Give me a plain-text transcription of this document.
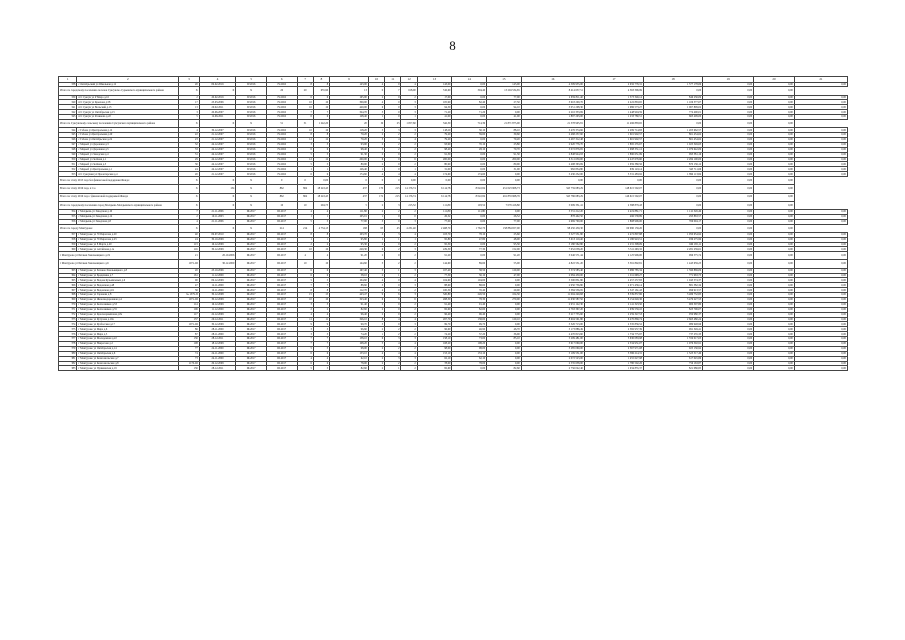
8
1	2	3	4	5	6	7	8	9	10	11	12	13	14	15	16	17	18	19	20	21
338	с Октябрьский ул Школьная д.12	20	09.02.2016	IV.2016	IV.2016	8	8	143,00	4	0	4	143,00	0,00	143,00	4 509 955,00	2 932 776,31	1 577 178,69	0,00	0,00	0,00
Итого по городскому поселению поселок Суксунско-Сурьинского муниципального района		X	X	X	20	20	655,90	13	0	7	618,00	316,60	304,40	13 204 534,65	8 414 657,51	4 363 396,99	0,00	0,00	0,00	
339	пгт Суксун ул Р Мира д.16	2	20.02.2016	IV.2016	IV.2016	6	6	165,90	2	0	2	17,00	0,00	77,00	2 659 811,40	1 573 346,14	846 236,09	0,00	0,00	0,00
340	пгт Суксун ул Крылова д.58	17	23.03.2006	IV.2016	IV.2016	10	10	309,90	4	0	3	105,90	82,40	27,50	3 618 209,76	2 222 863,65	1 106 377,67	0,00	0,00	0,00
341	пгт Суксун ул Вольский д.13	13	20.02.2011	IV.2016	IV.2016	10	10	420,00	6	0	3	94,50	0,00	94,10	3 051 208,30	1 986 573,27	1 067 809,02	0,00	0,00	0,00
342	пгт Суксун ул Октябрьская д.15	3	20.06.2007	IV.2016	IV.2016	7	7	324,70	3	0	3	71,20	71,20	0,00	2 216 333,69	1 448 904,59	774 400,01	0,00	0,00	0,00
343	пгт Суксун ул Розинова д.22	5	12.06.2011	IV.2016	IV.2016	6	6	128,40	1	0	1	41,00	0,00	41,00	1 897 203,00	1 233 780,51	663 409,00	0,00	0,00	0,00
Итого по Суксунскому сельскому поселению Суксунского муниципального района		X	X	X	51	51	1 242,20	20	19	25	1 057,60	342,30	714,39	21 871 875,00	21 378 905,81	11 496 838,65	0,00	0,00	0,00	
344	с Габово ул Центральная д.12	4	30.12.2007	IV.2016	IV.2016	10	10	118,20	3	3	3	118,20	30,10	88,10	3 476 374,66	2 299 714,83	1 203 662,57	0,00	0,00	0,00
345	с Габово ул Центральная д.20	22	21.12.2007	IV.2016	IV.2016	8	8	79,20	2	2	2	79,20	39,60	39,60	2 468 237,60	1 601 902,57	861 454,62	0,00	0,00	0,00
346	с Габово ул Октябрьская д.24	23	21.12.2007	IV.2016	IV.2016	12	12	79,20	3	4	4	79,20	0,00	79,20	2 467 312,48	1 601 902,57	861 454,62	0,00	0,00	0,00
347	с Марьиб ул Дорожная д.3	32	24.12.2007	IV.2016	IV.2016	3	3	93,90	2	2	2	93,90	70,10	23,80	2 920 776,70	1 895 235,67	1 025 349,63	0,00	0,00	0,00
348	с Марьиб ул Дорожная д.5	33	24.12.2007	IV.2016	IV.2016	6	6	98,40	5	2	2	98,40	28,10	70,70	3 072 876,65	1 998 331,12	1 079 642,09	0,00	0,00	0,00
349	с Марьиб ул Заводская д.4	31	24.12.2007	IV.2016	IV.2016	5	5	91,30	2	0	2	91,30	0,00	91,30	2 848 924,93	1 890 651,99	993 381,16	0,00	0,00	0,00
350	с Марьиб ул Зелёная д.1	29	24.12.2007	IV.2016	IV.2016	12	12	200,00	6	0	6	200,00	0,00	200,00	6 511 630,00	4 247 676,60	2 284 100,00	0,00	0,00	0,00
351	с Марьиб ул Зелёная д.3	30	24.12.2007	IV.2016	IV.2016	5	5	80,90	2	0	2	80,90	0,00	80,90	2 498 363,69	1 659 380,56	870 136,12	0,00	0,00	0,00
352	с Марьиб ул Центральная д.1	24	24.12.2007	IV.2016	IV.2016	1	1	126,40	1	0	1	31,00	0,00	31,00	982 834,80	639 143,14	343 711,66	0,00	0,00	0,00
353	пгт Суксунки ул Пролетарская д.4	20	21.12.2007	IV.2016	IV.2016	6	6	174,60	4	4	4	174,60	174,60	0,00	5 430 252,00	3 531 483,92	1 899 113,84	0,00	0,00	0,00
Всего по этапу 2015 года без финансовой поддержки Фонда:		X	X	X	0	0	0,00	0	0	0	0,00	0,00	0,00	0,00	0,00	0,00	0,00	0,00	0,00	
Всего по этапу 2016 года, в т.ч.:		X	134	X	862	862	18 243,45	437	170	215	14 176,74	6 114,78	8 022,84	451 023 908,73	345 759 683,29	148 615 592,07	0,00	0,00	0,00	
Всего по этапу 2016 года с финансовой поддержкой Фонда:		X	X	X	862	862	18 243,45	437	172	215	14 176,74	6 114,78	8 022,84	491 833 968,76	345 786 683,29	146 615 592,07	0,00	0,00	0,00	
Итого по городскому поселению город Малдышь Малдышского муниципального района		X	X	X	10	10	294,73	5	2	3	215,32	111,80	103,52	7 079 416,80	5 099 331,41	2 588 879,43	0,00	0,00	0,00	
354	г Малдышь ул Заводская д.10	7	21.11.2006	III.2017	III.2017	4	4	111,80	2	2	2	111,80	111,80	0,00	3 531 212,20	2 419 881,71	1 112 326,49	0,00	0,00	0,00
355	с Малдышь ул Заводская д.12	2	10.11.2003	III.2017	III.2017	1	1	105,91	1	0	0	26,52	0,00	26,52	878 402,50	496 538,89	293 863,57	0,00	0,00	0,00
356	с Малдышь ул Заводская д.8	4	21.11.2006	III.2017	III.2017	5	5	77,00	3	0	3	77,00	0,00	77,00	2 669 790,00	1 808 996,00	766 094,17	0,00	0,00	0,00
Итого по городу Мантурово:		X	X	X	214	214	4 734,13	168	63	45	4 231,40	2 468,70	1 762,70	158 884 657,00	98 450 459,30	60 990 159,20	0,00	0,00	0,00	
357	г Мантурово ул 70 Пирогова д.20	40	09.07.2010	III.2017	III.2017	8	8	103,70	4	3	4	103,70	78,10	25,60	3 527 551,80	2 472 897,88	1 050 654,92	0,00	0,00	0,00
358	г Мантурово ул 70 Пирогова д.23	24	30.10.2009	III.2017	III.2017	1	1	95,80	1	1	1	95,80	47,80	48,00	3 013 119,40	2 180 943,51	936 275,99	0,00	0,00	0,00
359	г Мантурово ул 8 Марта д.20	113	16.12.2009	III.2017	III.2017	2	2	95,30	2	0	2	95,30	0,00	95,30	3 180 562,80	2 231 398,09	949 165,11	0,00	0,00	0,00
360	г Мантурово ул Алтайская д.1а	116	30.12.2009	III.2017	III.2017	10	10	229,30	6	2	3	229,30	77,30	152,00	7 652 058,20	5 311 299,32	2 281 239,61	0,00	0,00	0,00
г Мантурово ул Батаков Хмельницкого д.19		21	20.10.2006	III.2017	III.2017	4	4	91,20	2	0	2	91,20	0,00	91,20	3 046 571,44	2 125 996,00	996 575,74	0,00	0,00	0,00
г Мантурово ул Батаков Хмельницкого д.6		1071-Ш	30.12.2009	III.2017	III.2017	10	10	144,60	3	2	2	144,60	89,60	55,00	4 822 551,20	3 391 892,81	1 443 659,25	0,00	0,00	0,00
363	г Мантурово ул Батаков Хмельницкого д.8	20	23.10.2006	III.2017	III.2017	6	6	167,40	5	1	3	167,40	38,50	129,00	5 574 585,40	3 986 785,34	1 590 869,09	0,00	0,00	0,00
364	г Мантурово ул Бредихина д.7	161	11.12.2009	III.2017	III.2017	6	6	58,10	2	1	2	77,50	30,10	47,00	2 084 430,00	1 911 698,27	771 963,75	0,00	0,00	0,00
365	г Мантурово ул Водова Кузьмичевых д.6	90	09.12.2009	III.2017	III.2017	5	5	104,60	4	0	4	104,60	104,60	0,00	3 500 831,80	2 457 257,83	1 043 574,37	0,00	0,00	0,00
366	г Мантурово ул Водовская д.48	47	12.11.2009	III.2017	III.2017	7	7	88,60	3	0	3	88,60	88,60	0,00	2 950 736,80	2 071 436,14	881 382,34	0,00	0,00	0,00
367	г Мантурово ул Водовская д.61	36	12.11.2009	III.2017	III.2017	8	8	112,70	4	0	2	100,30	70,40	29,90	3 384 556,95	2 347 161,43	996 913,57	0,00	0,00	0,00
368	г Мантурово ул Гаранова д.8	№ 1379-П	30.12.2008	III.2017	III.2017	15	15	443,47	9	6	3	320,80	226,50	104,30	11 094 249,68	8 339 857,86	3 486 732,85	0,00	0,00	0,00
369	г Мантурово ул Железнодорожная д.4	1071-Ш	30.12.2009	III.2017	III.2017	10	10	323,40	6	6	6	268,30	78,30	270,00	11 630 587,50	8 154 649,36	3 479 227,53	0,00	0,00	0,00
370	г Мантурово ул Колхозников д.53	114	16.12.2009	III.2017	III.2017	3	3	91,40	2	0	2	91,40	91,40	0,00	2 931 122,30	2 141 323,50	900 307,80	0,00	0,00	0,00
371	г Мантурово ул Колхозников д.55	106	11.12.2009	III.2017	III.2017	2	2	82,60	2	0	2	82,60	82,60	0,00	2 763 367,20	1 939 559,10	823 796,07	0,00	0,00	0,00
372	г Мантурово ул Красноармейская д.8а	117	22.12.2009	III.2017	III.2017	4	4	96,40	2	0	2	96,40	96,40	0,00	3 217 755,60	2 259 347,53	959 980,37	0,00	0,00	0,00
373	г Мантурово ул Кутузова д.19а	137	29.12.2011	III.2017	III.2017	11	11	326,10	8	4	4	267,70	138,60	129,10	8 604 591,80	6 270 869,74	2 663 480,24	0,00	0,00	0,00
374	г Мантурово ул Кузбасская д.17	1071-Ш	30.12.2009	III.2017	III.2017	9	9	99,70	3	0	3	99,70	99,70	0,00	3 326 713,00	2 335 856,52	989 948,96	0,00	0,00	0,00
375	г Мантурово ул Мира д.6	86	28.11.2009	III.2017	III.2017	3	3	96,60	2	2	2	96,60	46,90	46,70	3 173 886,49	2 382 937,39	991 349,41	0,00	0,00	0,00
376	г Мантурово ул Мира д.5	87	28.11.2009	III.2017	III.2017	3	3	74,20	1	2	2	74,20	37,20	36,90	2 470 813,60	1 734 775,97	737 235,33	0,00	0,00	0,00
377	г Мантурово ул Молодежная д.22	136	28.12.2011	III.2017	III.2017	7	7	158,10	6	3	3	158,10	73,00	85,10	5 299 481,00	3 630 083,98	1 559 017,03	0,00	0,00	0,00
378	г Мантурово ул Некрасова д.2	108	18.12.2009	III.2017	III.2017	7	7	108,20	5	4	4	108,20	108,20	0,00	3 617 060,00	2 534 931,07	1 076 302,91	0,00	0,00	0,00
379	г Мантурово ул Октябрьская д.14	77	24.11.2009	III.2017	III.2017	5	5	98,00	2	2	2	98,00	98,00	0,00	3 285 060,00	2 367 971,08	925 136,92	0,00	0,00	0,00
380	г Мантурово ул Октябрьская д.6	74	24.11.2009	III.2017	III.2017	6	6	153,10	4	4	4	153,10	153,10	0,00	5 109 531,00	3 586 214,31	1 523 317,49	0,00	0,00	0,00
381	г Мантурово ул Комсомольская д.7	73	24.11.2009	III.2017	III.2017	4	4	62,10	2	3	3	62,10	62,10	0,00	2 072 523,00	1 455 627,98	617 045,86	0,00	0,00	0,00
382	г Мантурово ул Комсомольская д.8	1170-Ш	29.12.2009	III.2017	III.2017	6	6	78,00	2	2	2	78,00	78,00	0,00	2 535 638,00	1 780 592,26	756 163,87	0,00	0,00	0,00
383	г Мантурово ул Пушкинская д.19	136	28.12.2011	III.2017	III.2017	5	5	82,60	2	1	2	82,60	0,00	82,60	2 756 022,40	1 934 855,37	821 086,85	0,00	0,00	0,00
